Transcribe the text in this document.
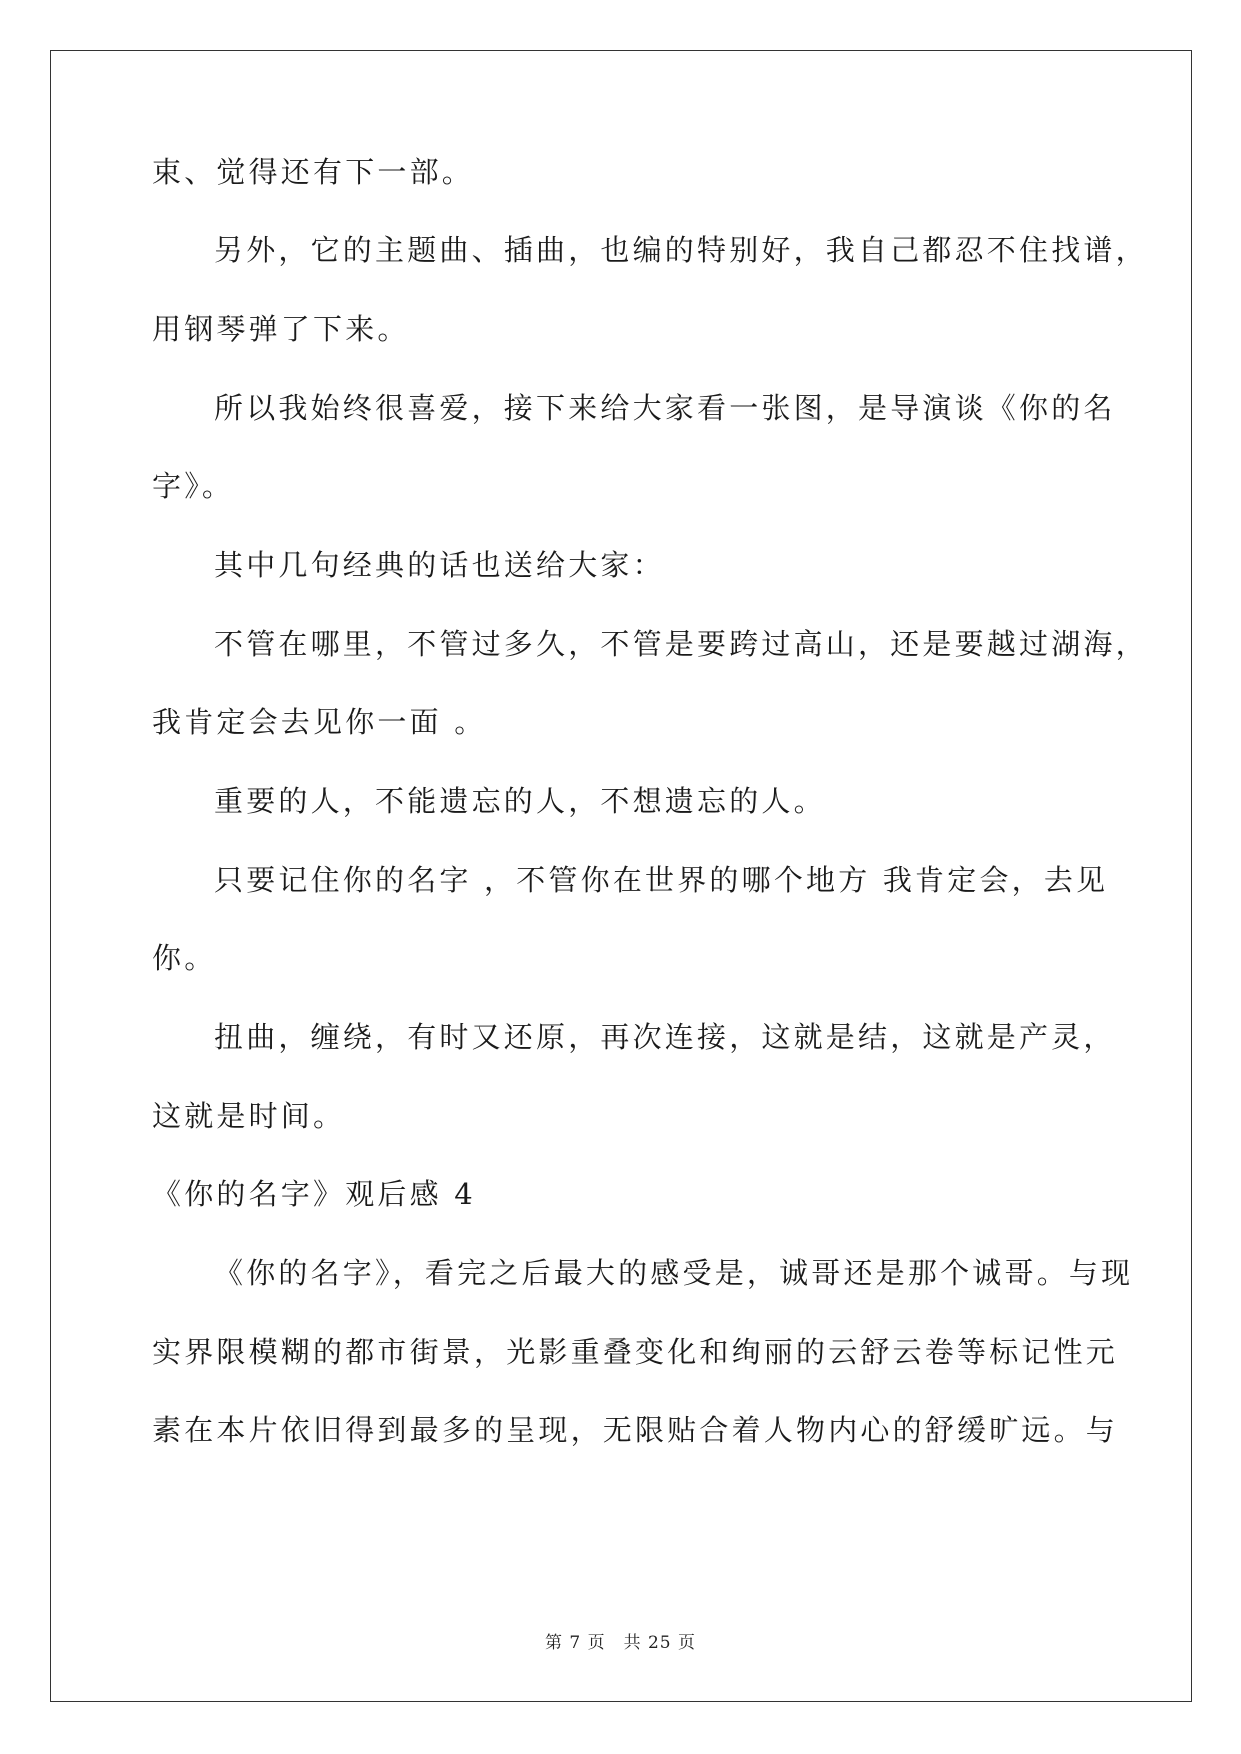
束、觉得还有下一部。
另外，它的主题曲、插曲，也编的特别好，我自己都忍不住找谱，
用钢琴弹了下来。
所以我始终很喜爱，接下来给大家看一张图，是导演谈《你的名
字》。
其中几句经典的话也送给大家：
不管在哪里，不管过多久，不管是要跨过高山，还是要越过湖海，
我肯定会去见你一面 。
重要的人，不能遗忘的人，不想遗忘的人。
只要记住你的名字 ，不管你在世界的哪个地方 我肯定会，去见
你。
扭曲，缠绕，有时又还原，再次连接，这就是结，这就是产灵，
这就是时间。
《你的名字》观后感 4
《你的名字》，看完之后最大的感受是，诚哥还是那个诚哥。与现
实界限模糊的都市街景，光影重叠变化和绚丽的云舒云卷等标记性元
素在本片依旧得到最多的呈现，无限贴合着人物内心的舒缓旷远。与
第 7 页 共 25 页
